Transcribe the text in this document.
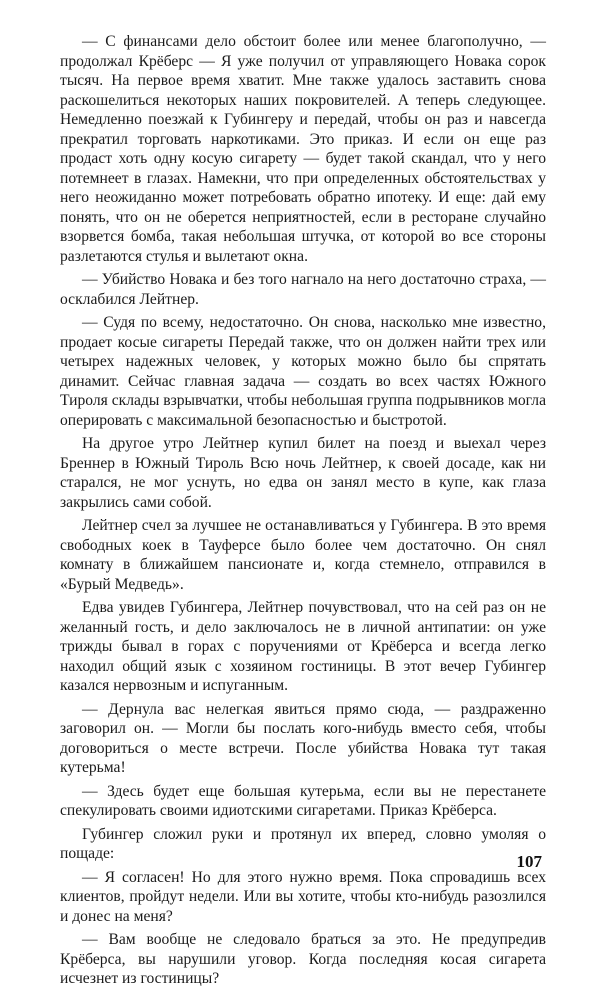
— С финансами дело обстоит более или менее благополучно, — продолжал Крёберс — Я уже получил от управляющего Новака сорок тысяч. На первое время хватит. Мне также удалось заставить снова раскошелиться некоторых наших покровителей. А теперь следующее. Немедленно поезжай к Губингеру и передай, чтобы он раз и навсегда прекратил торговать наркотиками. Это приказ. И если он еще раз продаст хоть одну косую сигарету — будет такой скандал, что у него потемнеет в глазах. Намекни, что при определенных обстоятельствах у него неожиданно может потребовать обратно ипотеку. И еще: дай ему понять, что он не оберется неприятностей, если в ресторане случайно взорвется бомба, такая небольшая штучка, от которой во все стороны разлетаются стулья и вылетают окна.

— Убийство Новака и без того нагнало на него достаточно страха, — осклабился Лейтнер.

— Судя по всему, недостаточно. Он снова, насколько мне известно, продает косые сигареты Передай также, что он должен найти трех или четырех надежных человек, у которых можно было бы спрятать динамит. Сейчас главная задача — создать во всех частях Южного Тироля склады взрывчатки, чтобы небольшая группа подрывников могла оперировать с максимальной безопасностью и быстротой.

На другое утро Лейтнер купил билет на поезд и выехал через Бреннер в Южный Тироль Всю ночь Лейтнер, к своей досаде, как ни старался, не мог уснуть, но едва он занял место в купе, как глаза закрылись сами собой.

Лейтнер счел за лучшее не останавливаться у Губингера. В это время свободных коек в Тауферсе было более чем достаточно. Он снял комнату в ближайшем пансионате и, когда стемнело, отправился в «Бурый Медведь».

Едва увидев Губингера, Лейтнер почувствовал, что на сей раз он не желанный гость, и дело заключалось не в личной антипатии: он уже трижды бывал в горах с поручениями от Крёберса и всегда легко находил общий язык с хозяином гостиницы. В этот вечер Губингер казался нервозным и испуганным.

— Дернула вас нелегкая явиться прямо сюда, — раздраженно заговорил он. — Могли бы послать кого-нибудь вместо себя, чтобы договориться о месте встречи. После убийства Новака тут такая кутерьма!

— Здесь будет еще большая кутерьма, если вы не перестанете спекулировать своими идиотскими сигаретами. Приказ Крёберса.

Губингер сложил руки и протянул их вперед, словно умоляя о пощаде:

— Я согласен! Но для этого нужно время. Пока спровадишь всех клиентов, пройдут недели. Или вы хотите, чтобы кто-нибудь разозлился и донес на меня?

— Вам вообще не следовало браться за это. Не предупредив Крёберса, вы нарушили уговор. Когда последняя косая сигарета исчезнет из гостиницы?

107
